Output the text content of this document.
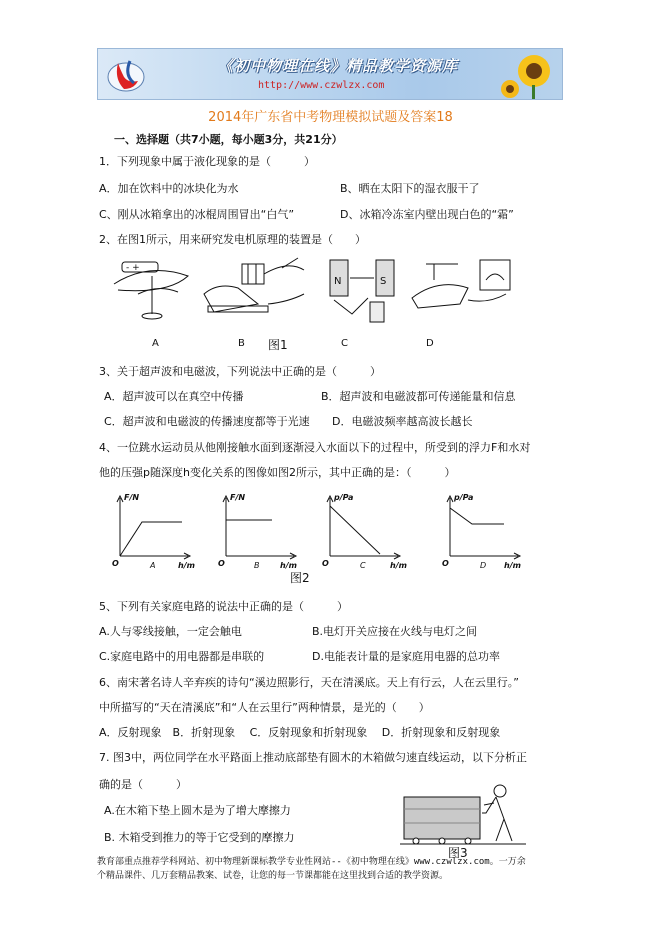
《初中物理在线》精品教学资源库
http://www.czwlzx.com
2014年广东省中考物理模拟试题及答案18
一、选择题（共7小题，每小题3分，共21分）
1．下列现象中属于液化现象的是（　　　）
A．加在饮料中的冰块化为水	B、晒在太阳下的湿衣服干了
C、刚从冰箱拿出的冰棍周围冒出“白气”	D、冰箱冷冻室内壁出现白色的“霜”
2、在图1所示，用来研究发电机原理的装置是（　　）
- +
N	S
A	B 图1	C	D
3、关于超声波和电磁波，下列说法中正确的是（　　　）
A．超声波可以在真空中传播	B．超声波和电磁波都可传递能量和信息
C．超声波和电磁波的传播速度都等于光速 D．电磁波频率越高波长越长
4、一位跳水运动员从他刚接触水面到逐渐浸入水面以下的过程中，所受到的浮力F和水对
他的压强p随深度h变化关系的图像如图2所示，其中正确的是：（　　　）
F/N
h/m
O
F/N
h/m
O
p/Pa
h/m
O
p/Pa
h/m
O
A	B	C	D
图2
5、下列有关家庭电路的说法中正确的是（　　　）
A.人与零线接触，一定会触电	B.电灯开关应接在火线与电灯之间
C.家庭电路中的用电器都是串联的	D.电能表计量的是家庭用电器的总功率
6、南宋著名诗人辛弃疾的诗句“溪边照影行，天在清溪底。天上有行云，人在云里行。”
中所描写的“天在清溪底”和“人在云里行”两种情景，是光的（　　）
A．反射现象　B．折射现象　 C．反射现象和折射现象　 D．折射现象和反射现象
7. 图3中，两位同学在水平路面上推动底部垫有圆木的木箱做匀速直线运动，以下分析正
确的是（　　　）
A.在木箱下垫上圆木是为了增大摩擦力
B. 木箱受到推力的等于它受到的摩擦力
图3
教育部重点推荐学科网站、初中物理新课标教学专业性网站--《初中物理在线》www.czwlzx.com。一万余
个精品课件、几万套精品教案、试卷，让您的每一节课都能在这里找到合适的教学资源。
